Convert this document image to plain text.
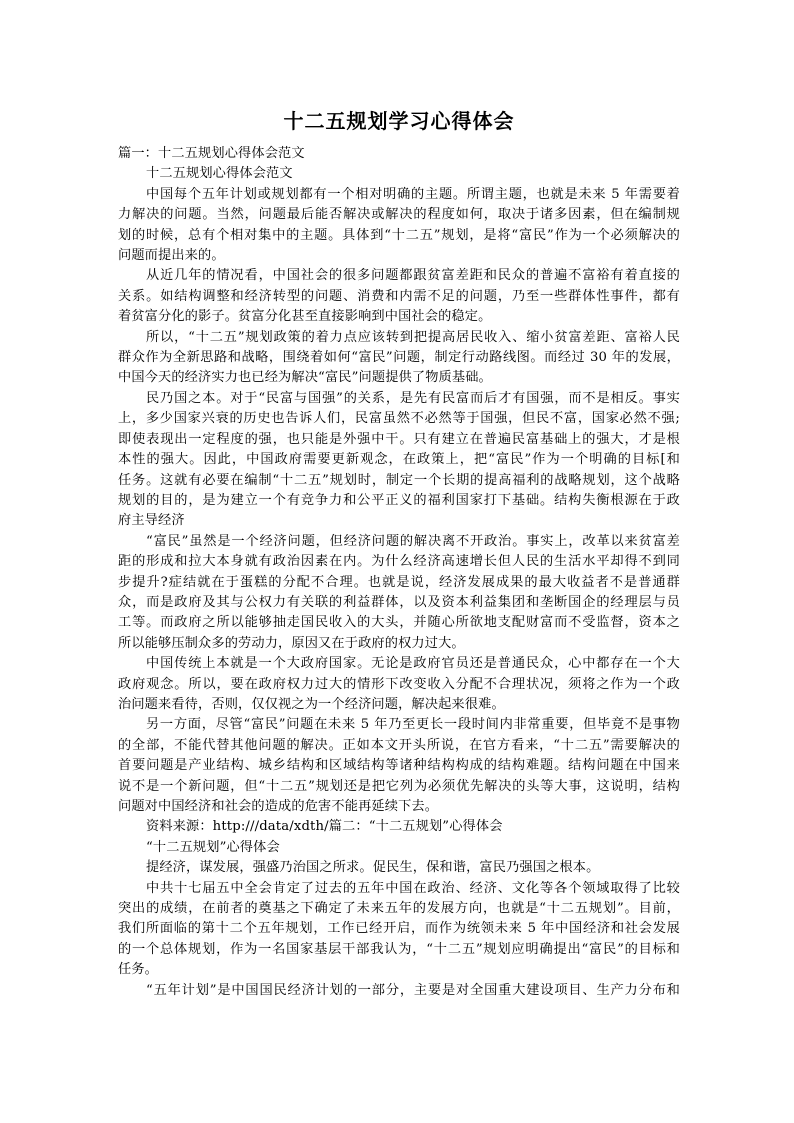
十二五规划学习心得体会
篇一：十二五规划心得体会范文
十二五规划心得体会范文
中国每个五年计划或规划都有一个相对明确的主题。所谓主题，也就是未来 5 年需要着
力解决的问题。当然，问题最后能否解决或解决的程度如何，取决于诸多因素，但在编制规
划的时候，总有个相对集中的主题。具体到“十二五”规划，是将“富民”作为一个必须解决的
问题而提出来的。
从近几年的情况看，中国社会的很多问题都跟贫富差距和民众的普遍不富裕有着直接的
关系。如结构调整和经济转型的问题、消费和内需不足的问题，乃至一些群体性事件，都有
着贫富分化的影子。贫富分化甚至直接影响到中国社会的稳定。
所以，“十二五”规划政策的着力点应该转到把提高居民收入、缩小贫富差距、富裕人民
群众作为全新思路和战略，围绕着如何“富民”问题，制定行动路线图。而经过 30 年的发展，
中国今天的经济实力也已经为解决“富民”问题提供了物质基础。
民乃国之本。对于“民富与国强”的关系，是先有民富而后才有国强，而不是相反。事实
上，多少国家兴衰的历史也告诉人们，民富虽然不必然等于国强，但民不富，国家必然不强;
即使表现出一定程度的强，也只能是外强中干。只有建立在普遍民富基础上的强大，才是根
本性的强大。因此，中国政府需要更新观念，在政策上，把“富民”作为一个明确的目标[和
任务。这就有必要在编制“十二五”规划时，制定一个长期的提高福利的战略规划，这个战略
规划的目的，是为建立一个有竞争力和公平正义的福利国家打下基础。结构失衡根源在于政
府主导经济
“富民”虽然是一个经济问题，但经济问题的解决离不开政治。事实上，改革以来贫富差
距的形成和拉大本身就有政治因素在内。为什么经济高速增长但人民的生活水平却得不到同
步提升?症结就在于蛋糕的分配不合理。也就是说，经济发展成果的最大收益者不是普通群
众，而是政府及其与公权力有关联的利益群体，以及资本利益集团和垄断国企的经理层与员
工等。而政府之所以能够抽走国民收入的大头，并随心所欲地支配财富而不受监督，资本之
所以能够压制众多的劳动力，原因又在于政府的权力过大。
中国传统上本就是一个大政府国家。无论是政府官员还是普通民众，心中都存在一个大
政府观念。所以，要在政府权力过大的情形下改变收入分配不合理状况，须将之作为一个政
治问题来看待，否则，仅仅视之为一个经济问题，解决起来很难。
另一方面，尽管“富民”问题在未来 5 年乃至更长一段时间内非常重要，但毕竟不是事物
的全部，不能代替其他问题的解决。正如本文开头所说，在官方看来，“十二五”需要解决的
首要问题是产业结构、城乡结构和区域结构等诸种结构构成的结构难题。结构问题在中国来
说不是一个新问题，但“十二五”规划还是把它列为必须优先解决的头等大事，这说明，结构
问题对中国经济和社会的造成的危害不能再延续下去。
资料来源：http:///data/xdth/篇二：“十二五规划”心得体会
“十二五规划”心得体会
提经济，谋发展，强盛乃治国之所求。促民生，保和谐，富民乃强国之根本。
中共十七届五中全会肯定了过去的五年中国在政治、经济、文化等各个领域取得了比较
突出的成绩，在前者的奠基之下确定了未来五年的发展方向，也就是“十二五规划”。目前，
我们所面临的第十二个五年规划，工作已经开启，而作为统领未来 5 年中国经济和社会发展
的一个总体规划，作为一名国家基层干部我认为，“十二五”规划应明确提出“富民”的目标和
任务。
“五年计划”是中国国民经济计划的一部分，主要是对全国重大建设项目、生产力分布和
